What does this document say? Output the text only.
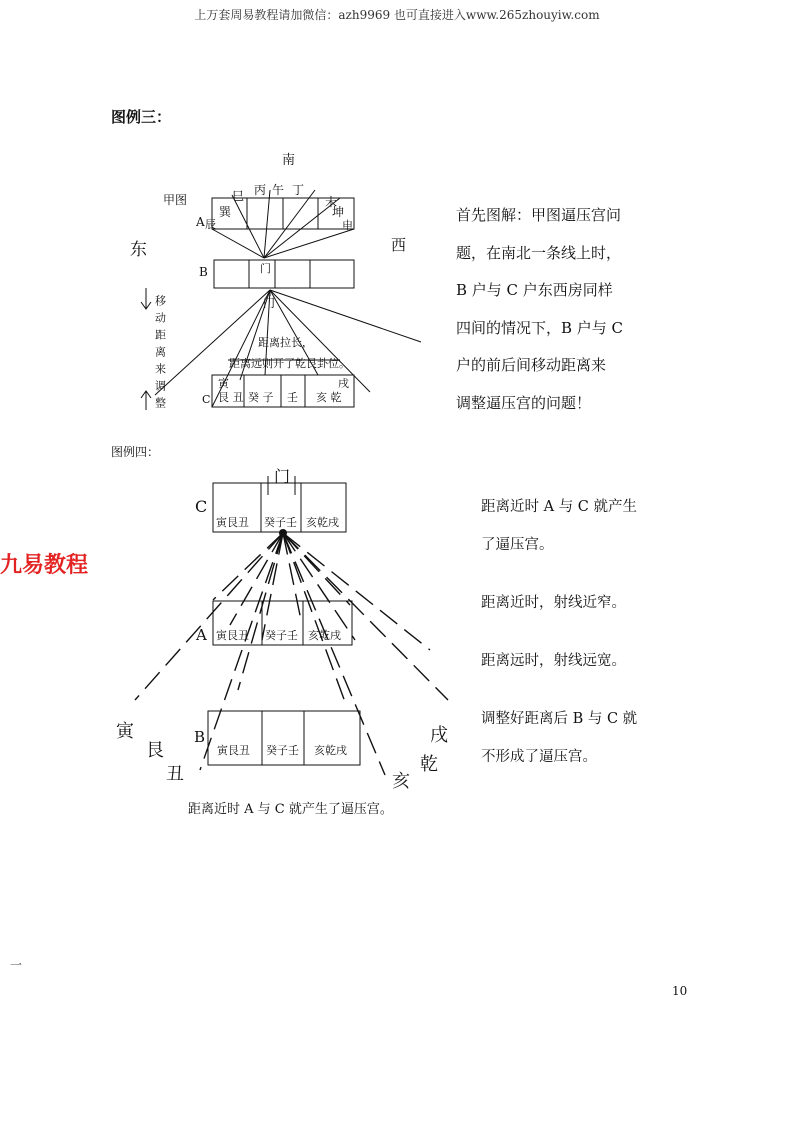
上万套周易教程请加微信：azh9969 也可直接进入www.265zhouyiw.com
图例三：
图例四：
九易教程
首先图解：甲图逼压宫问
题，在南北一条线上时，
B 户与 C 户东西房同样
四间的情况下，B 户与 C
户的前后间移动距离来
调整逼压宫的问题！
距离近时 A 与 C 就产生
了逼压宫。
距离近时，射线近窄。
距离远时，射线远宽。
调整好距离后 B 与 C 就
不形成了逼压宫。
10
一
南
东	西
甲图	巳 丙 午 丁
未
A 辰
巽	坤
申
B	门
门
距离拉长，
距离远则开了乾艮卦位。
寅	戌
C 艮 丑 癸 子 壬 亥 乾
移动距离来调整
门
C
寅艮丑 癸子壬 亥乾戌
A 寅艮丑 癸子壬 亥乾戌
B
寅艮丑 癸子壬 亥乾戌
寅
艮
丑
戌
乾
亥
距离近时 A 与 C 就产生了逼压宫。
